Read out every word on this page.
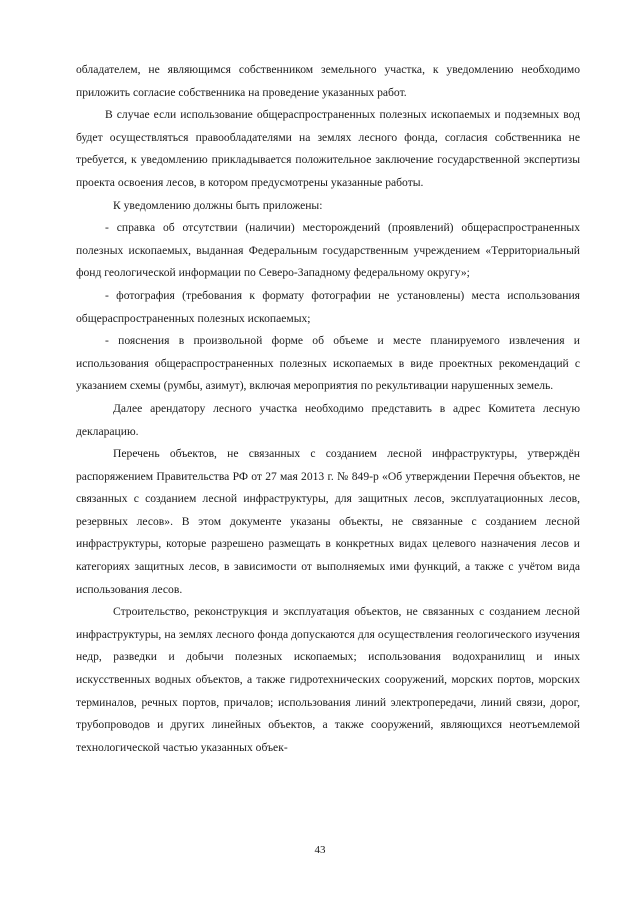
обладателем, не являющимся собственником земельного участка, к уведомлению необходимо приложить согласие собственника на проведение указанных работ.

В случае если использование общераспространенных полезных ископаемых и подземных вод будет осуществляться правообладателями на землях лесного фонда, согласия собственника не требуется, к уведомлению прикладывается положительное заключение государственной экспертизы проекта освоения лесов, в котором предусмотрены указанные работы.

К уведомлению должны быть приложены:

- справка об отсутствии (наличии) месторождений (проявлений) общераспространенных полезных ископаемых, выданная Федеральным государственным учреждением «Территориальный фонд геологической информации по Северо-Западному федеральному округу»;

- фотография (требования к формату фотографии не установлены) места использования общераспространенных полезных ископаемых;

- пояснения в произвольной форме об объеме и месте планируемого извлечения и использования общераспространенных полезных ископаемых в виде проектных рекомендаций с указанием схемы (румбы, азимут), включая мероприятия по рекультивации нарушенных земель.

Далее арендатору лесного участка необходимо представить в адрес Комитета лесную декларацию.

Перечень объектов, не связанных с созданием лесной инфраструктуры, утверждён распоряжением Правительства РФ от 27 мая 2013 г. № 849-р «Об утверждении Перечня объектов, не связанных с созданием лесной инфраструктуры, для защитных лесов, эксплуатационных лесов, резервных лесов». В этом документе указаны объекты, не связанные с созданием лесной инфраструктуры, которые разрешено размещать в конкретных видах целевого назначения лесов и категориях защитных лесов, в зависимости от выполняемых ими функций, а также с учётом вида использования лесов.

Строительство, реконструкция и эксплуатация объектов, не связанных с созданием лесной инфраструктуры, на землях лесного фонда допускаются для осуществления геологического изучения недр, разведки и добычи полезных ископаемых; использования водохранилищ и иных искусственных водных объектов, а также гидротехнических сооружений, морских портов, морских терминалов, речных портов, причалов; использования линий электропередачи, линий связи, дорог, трубопроводов и других линейных объектов, а также сооружений, являющихся неотъемлемой технологической частью указанных объек-

43
